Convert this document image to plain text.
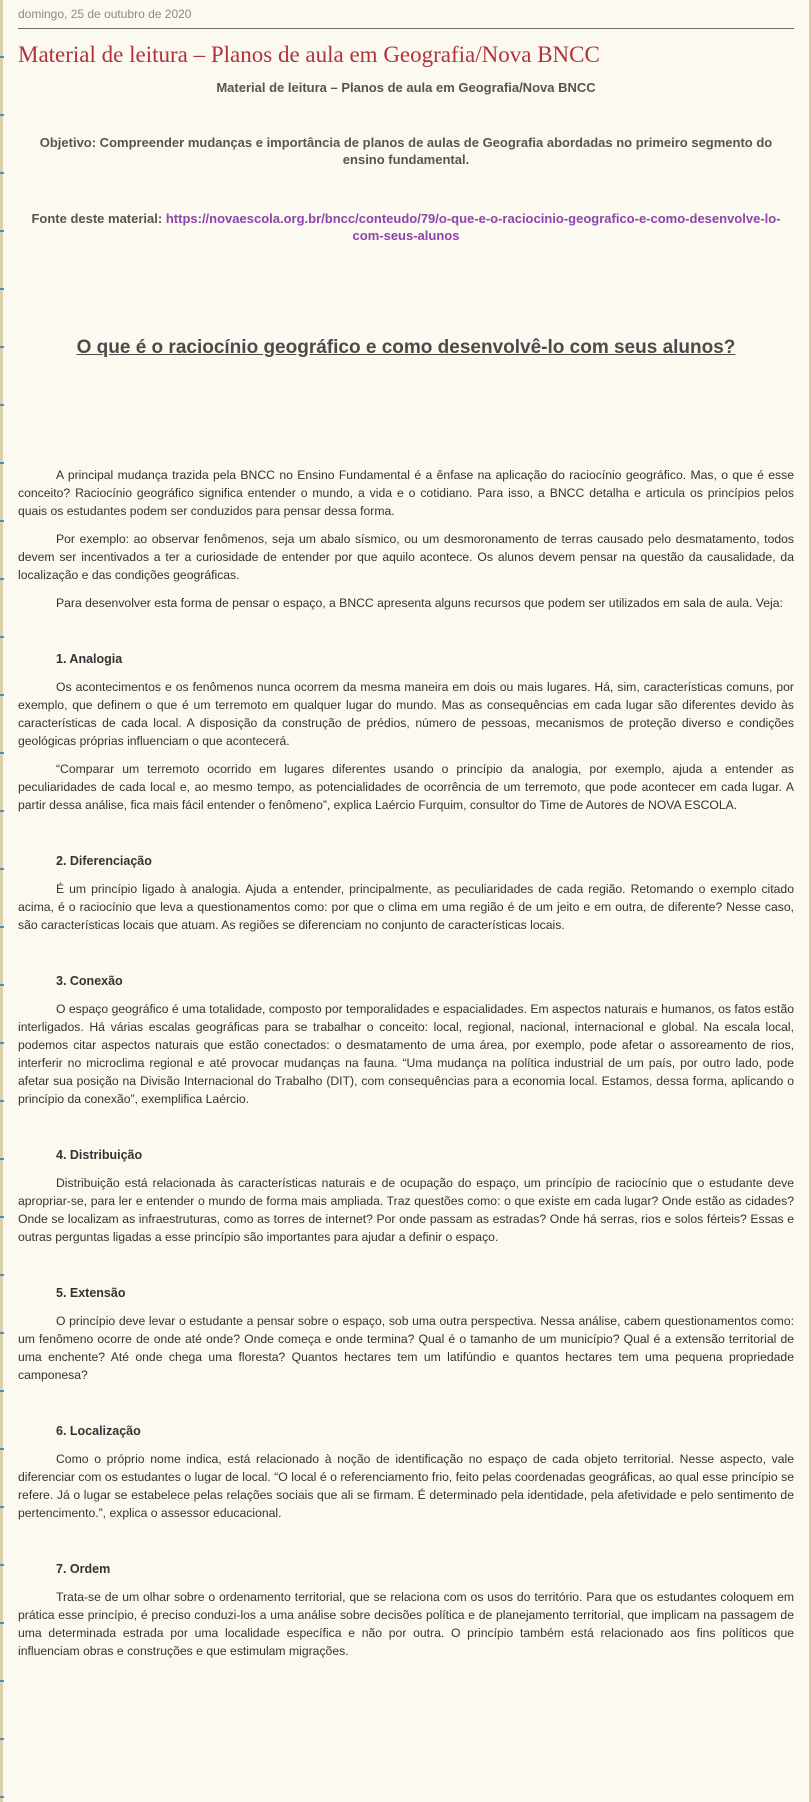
domingo, 25 de outubro de 2020
Material de leitura – Planos de aula em Geografia/Nova BNCC
Material de leitura – Planos de aula em Geografia/Nova BNCC
Objetivo: Compreender mudanças e importância de planos de aulas de Geografia abordadas no primeiro segmento do ensino fundamental.
Fonte deste material: https://novaescola.org.br/bncc/conteudo/79/o-que-e-o-raciocinio-geografico-e-como-desenvolve-lo-com-seus-alunos
O que é o raciocínio geográfico e como desenvolvê-lo com seus alunos?

A principal mudança trazida pela BNCC no Ensino Fundamental é a ênfase na aplicação do raciocínio geográfico. Mas, o que é esse conceito? Raciocínio geográfico significa entender o mundo, a vida e o cotidiano. Para isso, a BNCC detalha e articula os princípios pelos quais os estudantes podem ser conduzidos para pensar dessa forma.

Por exemplo: ao observar fenômenos, seja um abalo sísmico, ou um desmoronamento de terras causado pelo desmatamento, todos devem ser incentivados a ter a curiosidade de entender por que aquilo acontece. Os alunos devem pensar na questão da causalidade, da localização e das condições geográficas.

Para desenvolver esta forma de pensar o espaço, a BNCC apresenta alguns recursos que podem ser utilizados em sala de aula. Veja:

1. Analogia

Os acontecimentos e os fenômenos nunca ocorrem da mesma maneira em dois ou mais lugares. Há, sim, características comuns, por exemplo, que definem o que é um terremoto em qualquer lugar do mundo. Mas as consequências em cada lugar são diferentes devido às características de cada local. A disposição da construção de prédios, número de pessoas, mecanismos de proteção diverso e condições geológicas próprias influenciam o que acontecerá.

“Comparar um terremoto ocorrido em lugares diferentes usando o princípio da analogia, por exemplo, ajuda a entender as peculiaridades de cada local e, ao mesmo tempo, as potencialidades de ocorrência de um terremoto, que pode acontecer em cada lugar. A partir dessa análise, fica mais fácil entender o fenômeno”, explica Laércio Furquim, consultor do Time de Autores de NOVA ESCOLA.

2. Diferenciação

É um princípio ligado à analogia. Ajuda a entender, principalmente, as peculiaridades de cada região. Retomando o exemplo citado acima, é o raciocínio que leva a questionamentos como: por que o clima em uma região é de um jeito e em outra, de diferente? Nesse caso, são características locais que atuam. As regiões se diferenciam no conjunto de características locais.

3. Conexão

O espaço geográfico é uma totalidade, composto por temporalidades e espacialidades. Em aspectos naturais e humanos, os fatos estão interligados. Há várias escalas geográficas para se trabalhar o conceito: local, regional, nacional, internacional e global. Na escala local, podemos citar aspectos naturais que estão conectados: o desmatamento de uma área, por exemplo, pode afetar o assoreamento de rios, interferir no microclima regional e até provocar mudanças na fauna. “Uma mudança na política industrial de um país, por outro lado, pode afetar sua posição na Divisão Internacional do Trabalho (DIT), com consequências para a economia local. Estamos, dessa forma, aplicando o princípio da conexão”, exemplifica Laércio.

4. Distribuição

Distribuição está relacionada às características naturais e de ocupação do espaço, um princípio de raciocínio que o estudante deve apropriar-se, para ler e entender o mundo de forma mais ampliada. Traz questões como: o que existe em cada lugar? Onde estão as cidades? Onde se localizam as infraestruturas, como as torres de internet? Por onde passam as estradas? Onde há serras, rios e solos férteis? Essas e outras perguntas ligadas a esse princípio são importantes para ajudar a definir o espaço.

5. Extensão

O princípio deve levar o estudante a pensar sobre o espaço, sob uma outra perspectiva. Nessa análise, cabem questionamentos como: um fenômeno ocorre de onde até onde? Onde começa e onde termina? Qual é o tamanho de um município? Qual é a extensão territorial de uma enchente? Até onde chega uma floresta? Quantos hectares tem um latifúndio e quantos hectares tem uma pequena propriedade camponesa?

6. Localização

Como o próprio nome indica, está relacionado à noção de identificação no espaço de cada objeto territorial. Nesse aspecto, vale diferenciar com os estudantes o lugar de local. “O local é o referenciamento frio, feito pelas coordenadas geográficas, ao qual esse princípio se refere. Já o lugar se estabelece pelas relações sociais que ali se firmam. É determinado pela identidade, pela afetividade e pelo sentimento de pertencimento.”, explica o assessor educacional.

7. Ordem

Trata-se de um olhar sobre o ordenamento territorial, que se relaciona com os usos do território. Para que os estudantes coloquem em prática esse princípio, é preciso conduzi-los a uma análise sobre decisões política e de planejamento territorial, que implicam na passagem de uma determinada estrada por uma localidade específica e não por outra. O princípio também está relacionado aos fins políticos que influenciam obras e construções e que estimulam migrações.
